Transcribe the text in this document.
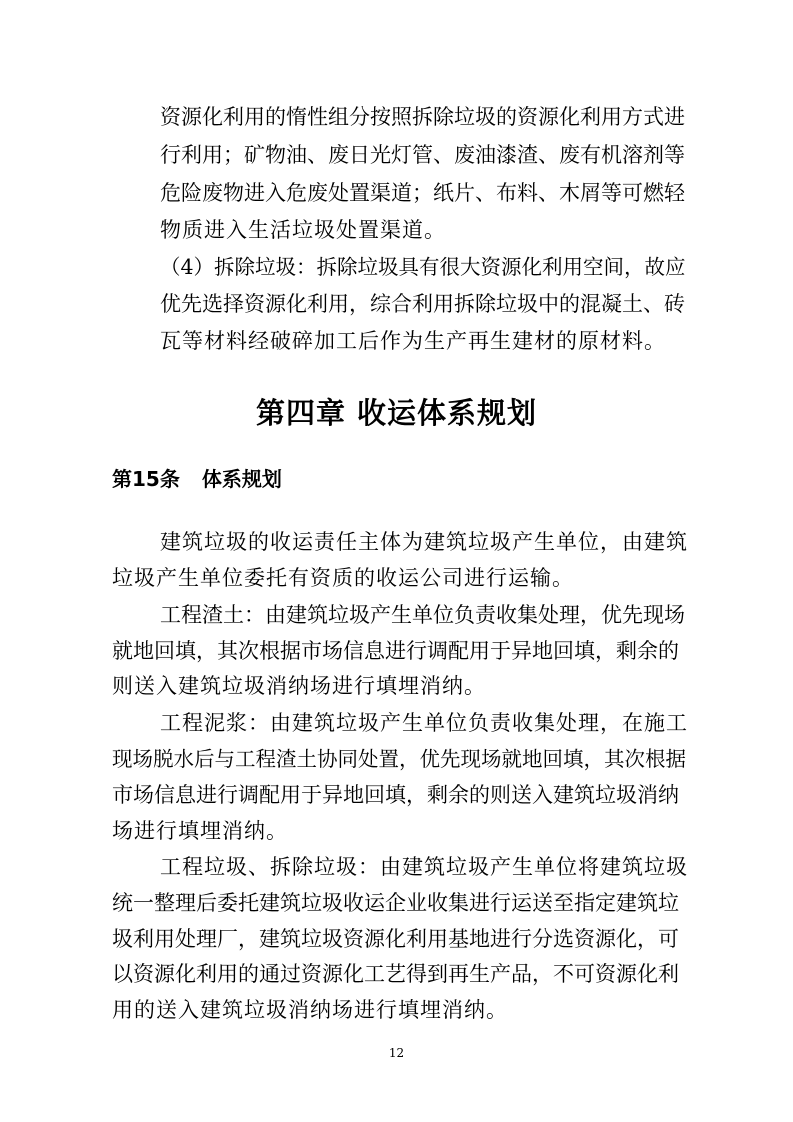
资源化利用的惰性组分按照拆除垃圾的资源化利用方式进
行利用；矿物油、废日光灯管、废油漆渣、废有机溶剂等
危险废物进入危废处置渠道；纸片、布料、木屑等可燃轻
物质进入生活垃圾处置渠道。
（4）拆除垃圾：拆除垃圾具有很大资源化利用空间，故应
优先选择资源化利用，综合利用拆除垃圾中的混凝土、砖
瓦等材料经破碎加工后作为生产再生建材的原材料。
第四章 收运体系规划
第15条 体系规划
建筑垃圾的收运责任主体为建筑垃圾产生单位，由建筑
垃圾产生单位委托有资质的收运公司进行运输。
工程渣土：由建筑垃圾产生单位负责收集处理，优先现场
就地回填，其次根据市场信息进行调配用于异地回填，剩余的
则送入建筑垃圾消纳场进行填埋消纳。
工程泥浆：由建筑垃圾产生单位负责收集处理，在施工
现场脱水后与工程渣土协同处置，优先现场就地回填，其次根据
市场信息进行调配用于异地回填，剩余的则送入建筑垃圾消纳
场进行填埋消纳。
工程垃圾、拆除垃圾：由建筑垃圾产生单位将建筑垃圾
统一整理后委托建筑垃圾收运企业收集进行运送至指定建筑垃
圾利用处理厂，建筑垃圾资源化利用基地进行分选资源化，可
以资源化利用的通过资源化工艺得到再生产品，不可资源化利
用的送入建筑垃圾消纳场进行填埋消纳。
12
